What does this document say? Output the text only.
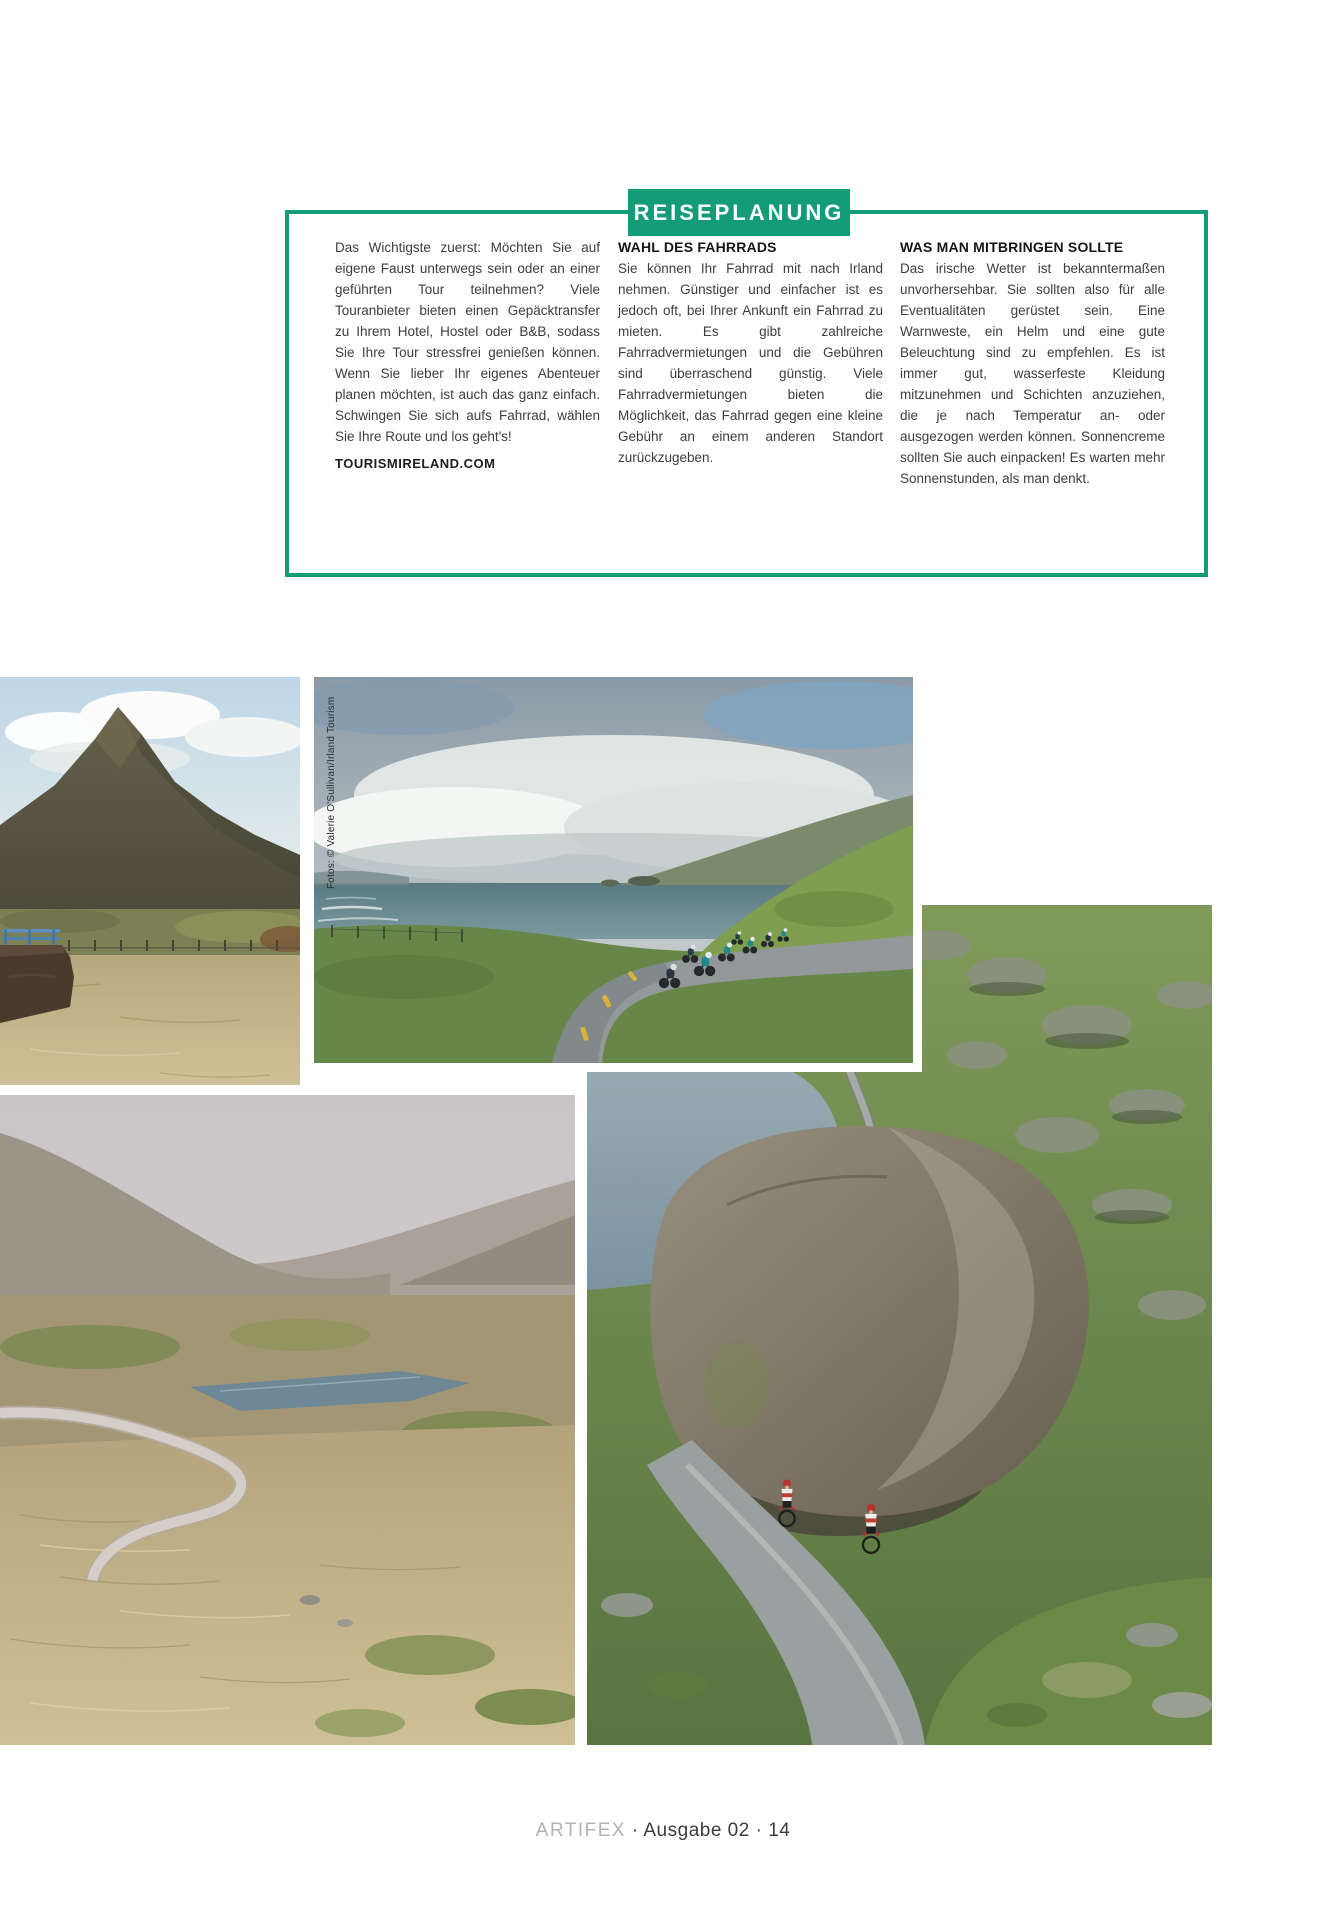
REISEPLANUNG

Das Wichtigste zuerst: Möchten Sie auf eigene Faust unterwegs sein oder an einer geführten Tour teilnehmen? Viele Touranbieter bieten einen Gepäcktransfer zu Ihrem Hotel, Hostel oder B&B, sodass Sie Ihre Tour stressfrei genießen können. Wenn Sie lieber Ihr eigenes Abenteuer planen möchten, ist auch das ganz einfach. Schwingen Sie sich aufs Fahrrad, wählen Sie Ihre Route und los geht's!

TOURISMIRELAND.COM
WAHL DES FAHRRADS

Sie können Ihr Fahrrad mit nach Irland nehmen. Günstiger und einfacher ist es jedoch oft, bei Ihrer Ankunft ein Fahrrad zu mieten. Es gibt zahlreiche Fahrradvermietungen und die Gebühren sind überraschend günstig. Viele Fahrradvermietungen bieten die Möglichkeit, das Fahrrad gegen eine kleine Gebühr an einem anderen Standort zurückzugeben.

WAS MAN MITBRINGEN SOLLTE

Das irische Wetter ist bekanntermaßen unvorhersehbar. Sie sollten also für alle Eventualitäten gerüstet sein. Eine Warnweste, ein Helm und eine gute Beleuchtung sind zu empfehlen. Es ist immer gut, wasserfeste Kleidung mitzunehmen und Schichten anzuziehen, die je nach Temperatur an- oder ausgezogen werden können. Sonnencreme sollten Sie auch einpacken! Es warten mehr Sonnenstunden, als man denkt.

Fotos: © Valerie O'Sullivan/Irland Tourism
ARTIFEX · Ausgabe 02 · 14
